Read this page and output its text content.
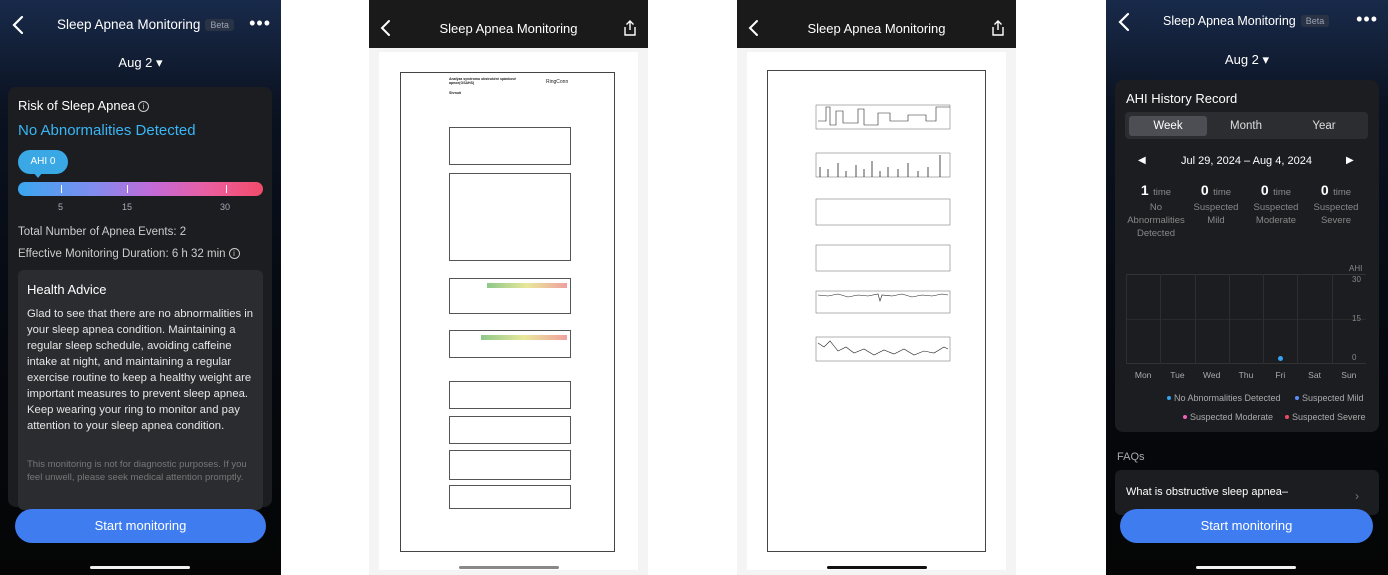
Sleep Apnea Monitoring Beta •••
Aug 2 ▾
Risk of Sleep Apnea i
No Abnormalities Detected
AHI 0
5	15	30
Total Number of Apnea Events: 2
Effective Monitoring Duration: 6 h 32 min i
Health Advice
Glad to see that there are no abnormalities in your sleep apnea condition. Maintaining a regular sleep schedule, avoiding caffeine intake at night, and maintaining a regular exercise routine to keep a healthy weight are important measures to prevent sleep apnea. Keep wearing your ring to monitor and pay attention to your sleep apnea condition.
This monitoring is not for diagnostic purposes. If you feel unwell, please seek medical attention promptly.
Start monitoring
Sleep Apnea Monitoring
Analýza syndromu obstrukční spánkové apnoe(OSAHS)	RingConn
Shrnutí
Sleep Apnea Monitoring	Sleep Apnea Monitoring Beta •••
Aug 2 ▾
AHI History Record
Week	Month	Year
◀	Jul 29, 2024 – Aug 4, 2024	▶
1 time
No Abnormalities Detected
0 time
Suspected Mild
0 time
Suspected Moderate
0 time
Suspected Severe
AHI
Mon	Tue	Wed	Thu	Fri	Sat	Sun
30
15
0
No Abnormalities Detected	Suspected Mild
Suspected Moderate	Suspected Severe
FAQs
What is obstructive sleep apnea–	›
Start monitoring
